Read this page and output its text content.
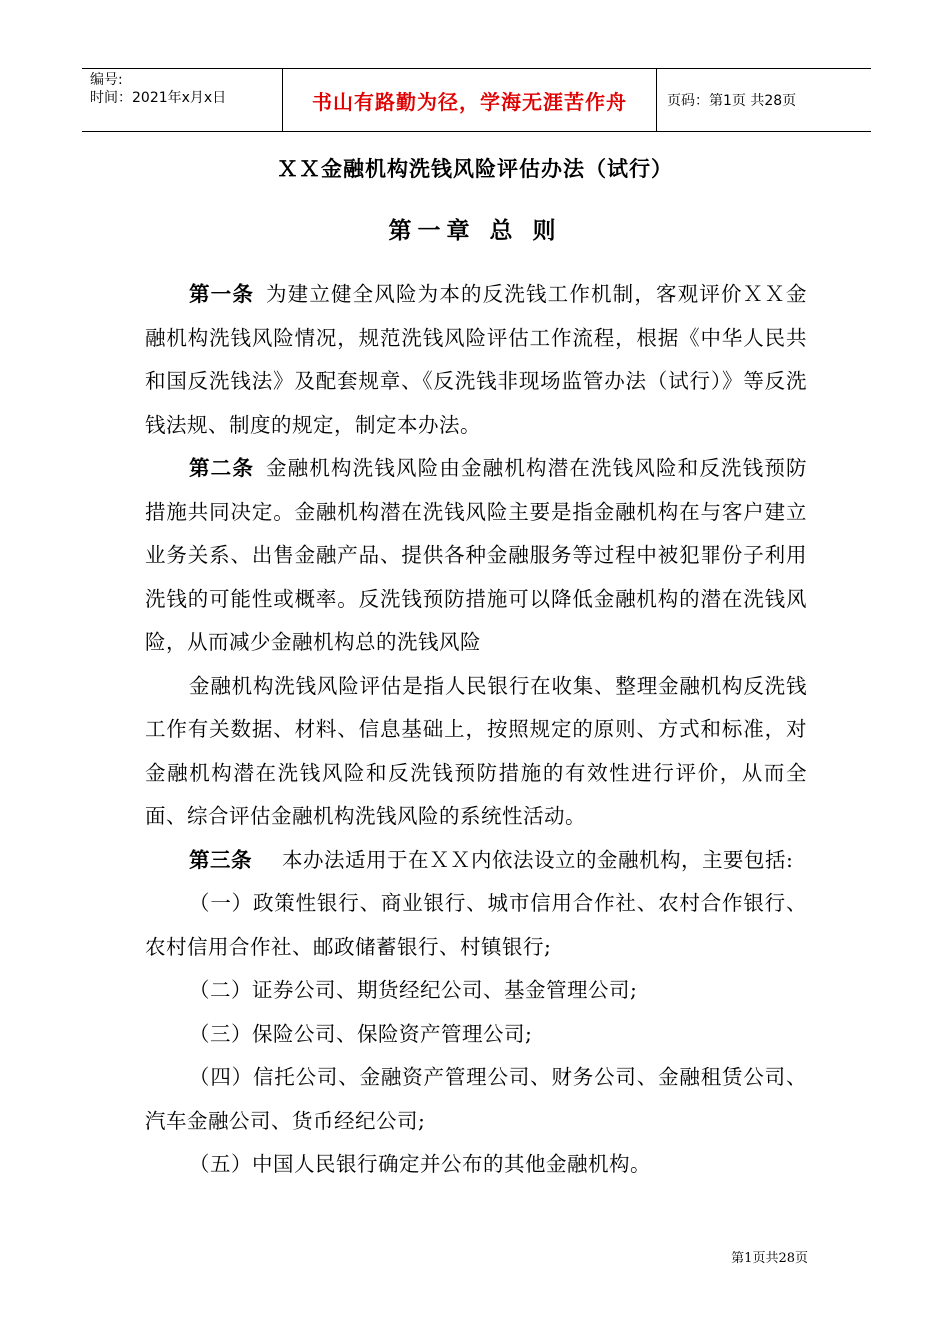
编号:
时间：2021年x月x日	书山有路勤为径，学海无涯苦作舟	页码：第1页 共28页
ＸＸ金融机构洗钱风险评估办法（试行）
第一章 总 则

第一条 为建立健全风险为本的反洗钱工作机制，客观评价ＸＸ金融机构洗钱风险情况，规范洗钱风险评估工作流程，根据《中华人民共和国反洗钱法》及配套规章、《反洗钱非现场监管办法（试行）》等反洗钱法规、制度的规定，制定本办法。

第二条 金融机构洗钱风险由金融机构潜在洗钱风险和反洗钱预防措施共同决定。金融机构潜在洗钱风险主要是指金融机构在与客户建立业务关系、出售金融产品、提供各种金融服务等过程中被犯罪份子利用洗钱的可能性或概率。反洗钱预防措施可以降低金融机构的潜在洗钱风险，从而减少金融机构总的洗钱风险

金融机构洗钱风险评估是指人民银行在收集、整理金融机构反洗钱工作有关数据、材料、信息基础上，按照规定的原则、方式和标准，对金融机构潜在洗钱风险和反洗钱预防措施的有效性进行评价，从而全面、综合评估金融机构洗钱风险的系统性活动。

第三条 本办法适用于在ＸＸ内依法设立的金融机构，主要包括:

（一）政策性银行、商业银行、城市信用合作社、农村合作银行、农村信用合作社、邮政储蓄银行、村镇银行;

（二）证券公司、期货经纪公司、基金管理公司;

（三）保险公司、保险资产管理公司;

（四）信托公司、金融资产管理公司、财务公司、金融租赁公司、汽车金融公司、货币经纪公司;

（五）中国人民银行确定并公布的其他金融机构。

第1页共28页
